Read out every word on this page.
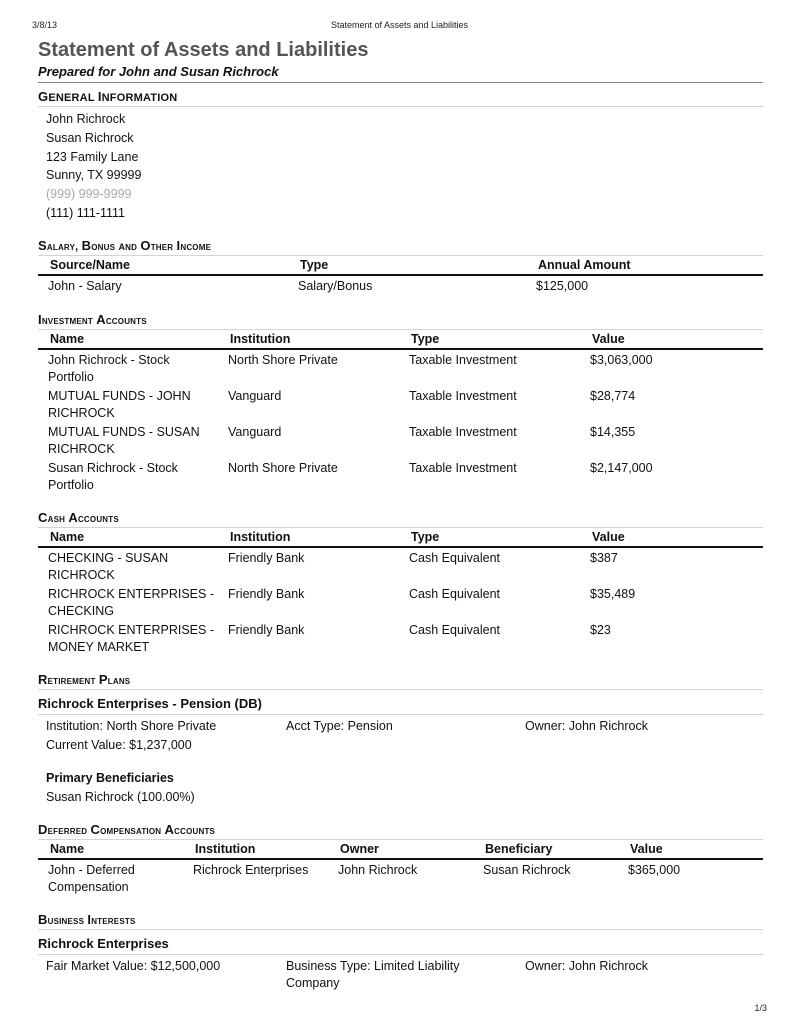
3/8/13	Statement of Assets and Liabilities
Statement of Assets and Liabilities
Prepared for John and Susan Richrock
GENERAL INFORMATION
John Richrock
Susan Richrock
123 Family Lane
Sunny, TX 99999
(999) 999-9999
(111) 111-1111
Salary, Bonus and Other Income
Source/Name	Type	Annual Amount
John - Salary	Salary/Bonus	$125,000
Investment Accounts
Name	Institution	Type	Value
John Richrock - Stock Portfolio	North Shore Private	Taxable Investment	$3,063,000
MUTUAL FUNDS - JOHN RICHROCK	Vanguard	Taxable Investment	$28,774
MUTUAL FUNDS - SUSAN RICHROCK	Vanguard	Taxable Investment	$14,355
Susan Richrock - Stock Portfolio	North Shore Private	Taxable Investment	$2,147,000
Cash Accounts
Name	Institution	Type	Value
CHECKING - SUSAN RICHROCK	Friendly Bank	Cash Equivalent	$387
RICHROCK ENTERPRISES - CHECKING	Friendly Bank	Cash Equivalent	$35,489
RICHROCK ENTERPRISES - MONEY MARKET	Friendly Bank	Cash Equivalent	$23
Retirement Plans
Richrock Enterprises - Pension (DB)
Institution: North Shore Private	Acct Type: Pension	Owner: John Richrock
Current Value: $1,237,000
Primary Beneficiaries
Susan Richrock (100.00%)
Deferred Compensation Accounts
Name	Institution	Owner	Beneficiary	Value
John - Deferred Compensation	Richrock Enterprises	John Richrock	Susan Richrock	$365,000
Business Interests
Richrock Enterprises
Fair Market Value: $12,500,000	Business Type: Limited Liability Company
Owner: John Richrock
1/3
